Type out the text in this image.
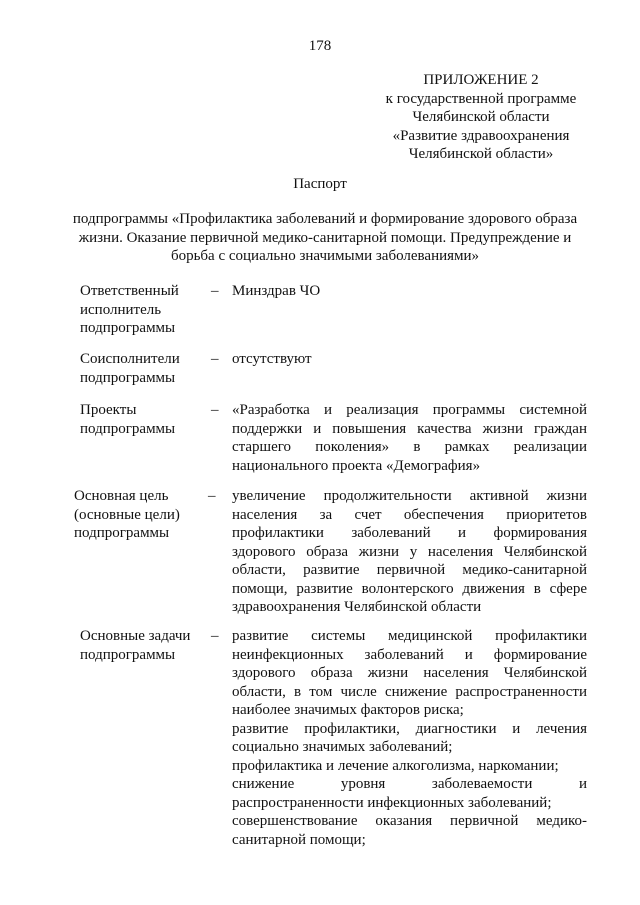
178
ПРИЛОЖЕНИЕ 2
к государственной программе
Челябинской области
«Развитие здравоохранения
Челябинской области»
Паспорт
подпрограммы «Профилактика заболеваний и формирование здорового образа
жизни. Оказание первичной медико-санитарной помощи. Предупреждение и
борьба с социально значимыми заболеваниями»
Ответственный
исполнитель
подпрограммы
– Минздрав ЧО
Соисполнители
подпрограммы
– отсутствуют
Проекты
подпрограммы
– «Разработка и реализация программы системной
поддержки и повышения качества жизни граждан
старшего поколения» в рамках реализации
национального проекта «Демография»
Основная цель
(основные цели)
подпрограммы
–	увеличение продолжительности активной жизни
населения за счет обеспечения приоритетов
профилактики заболеваний и формирования
здорового образа жизни у населения Челябинской
области, развитие первичной медико-санитарной
помощи, развитие волонтерского движения в сфере
здравоохранения Челябинской области
Основные задачи
подпрограммы
– развитие системы медицинской профилактики
неинфекционных заболеваний и формирование
здорового образа жизни населения Челябинской
области, в том числе снижение распространенности
наиболее значимых факторов риска;
развитие профилактики, диагностики и лечения
социально значимых заболеваний;
профилактика и лечение алкоголизма, наркомании;
снижение уровня заболеваемости и
распространенности инфекционных заболеваний;
совершенствование оказания первичной медико-
санитарной помощи;
